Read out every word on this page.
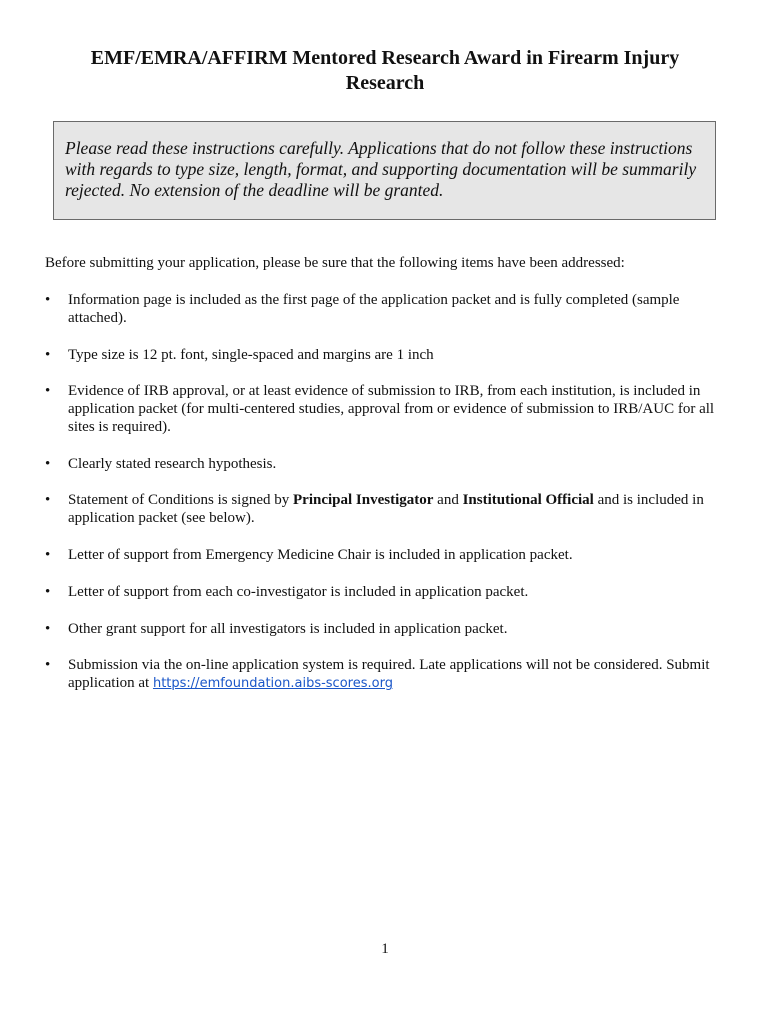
EMF/EMRA/AFFIRM Mentored Research Award in Firearm Injury Research
Please read these instructions carefully. Applications that do not follow these instructions with regards to type size, length, format, and supporting documentation will be summarily rejected. No extension of the deadline will be granted.

Before submitting your application, please be sure that the following items have been addressed:

•	Information page is included as the first page of the application packet and is fully completed (sample attached).
•	Type size is 12 pt. font, single-spaced and margins are 1 inch
•	Evidence of IRB approval, or at least evidence of submission to IRB, from each institution, is included in application packet (for multi-centered studies, approval from or evidence of submission to IRB/AUC for all sites is required).
•	Clearly stated research hypothesis.
•	Statement of Conditions is signed by Principal Investigator and Institutional Official and is included in application packet (see below).
•	Letter of support from Emergency Medicine Chair is included in application packet.
•	Letter of support from each co-investigator is included in application packet.
•	Other grant support for all investigators is included in application packet.
•	Submission via the on-line application system is required. Late applications will not be considered. Submit application at https://emfoundation.aibs-scores.org
1
